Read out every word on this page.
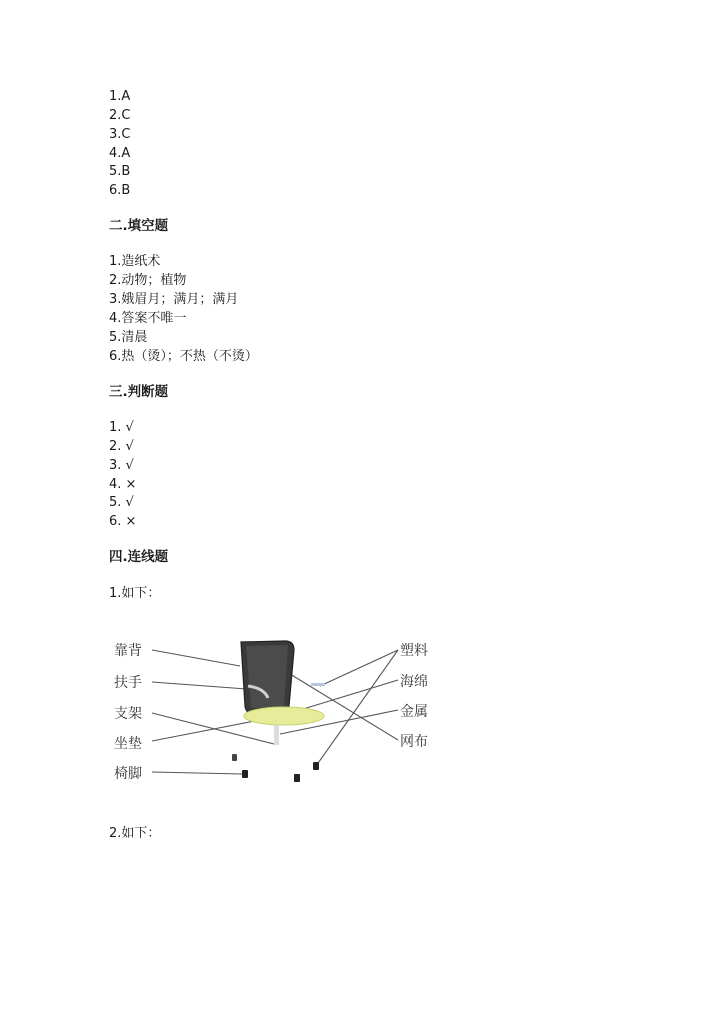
1.A
2.C
3.C
4.A
5.B
6.B
二.填空题
1.造纸术
2.动物；植物
3.娥眉月；满月；满月
4.答案不唯一
5.清晨
6.热（烫）；不热（不烫）
三.判断题
1. √
2. √
3. √
4. ×
5. √
6. ×
四.连线题
1.如下：
靠背
扶手
支架
坐垫
椅脚
塑料
海绵
金属
网布
2.如下：
